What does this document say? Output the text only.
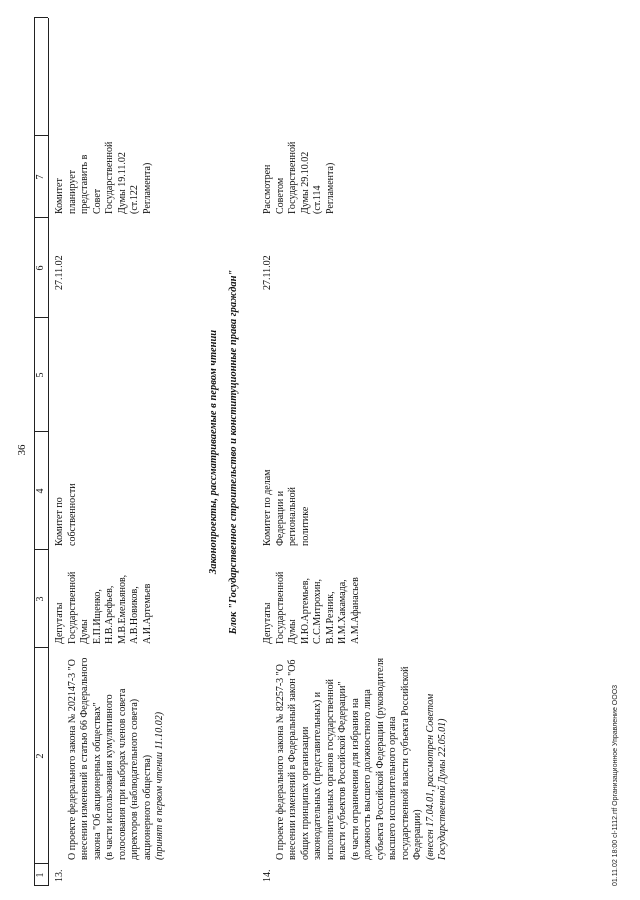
36
1
2
3
4
5
6
7
13.

О проекте федерального закона № 202147-3 "О внесении изменений в статью 66 Федерального закона "Об акционерных обществах"
(в части использования кумулятивного голосования при выборах членов совета директоров (наблюдательного совета) акционерного общества) (принят в первом чтении 11.10.02)

Депутаты
Государственной
Думы
Е.П.Ищенко,
Н.В.Арефьев,
М.В.Емельянов,
А.В.Новиков,
А.И.Артемьев
Комитет по
собственности
27.11.02
Комитет планирует представить в Совет Государственной Думы 19.11.02
(ст.122 Регламента)
Законопроекты, рассматриваемые в первом чтении Блок "Государственное строительство и конституционные права граждан"
14.

О проекте федерального закона № 82257-3 "О внесении изменений в Федеральный закон "Об общих принципах организации законодательных (представительных) и исполнительных органов государственной власти субъектов Российской Федерации"
(в части ограничения для избрания на должность высшего должностного лица субъекта Российской Федерации (руководителя высшего исполнительного органа государственной власти субъекта Российской Федерации) (внесен 17.04.01, рассмотрен Советом Государственной Думы 22.05.01)

Депутаты
Государственной
Думы
И.Ю.Артемьев,
С.С.Митрохин,
В.М.Резник,
И.М.Хакамада,
А.М.Афанасьев
Комитет по делам
Федерации и
региональной
политике
27.11.02
Рассмотрен Советом Государственной Думы 29.10.02
(ст.114 Регламента)
01.11.02 18:00 cl-1112.rtf Организационное Управление ООО3
